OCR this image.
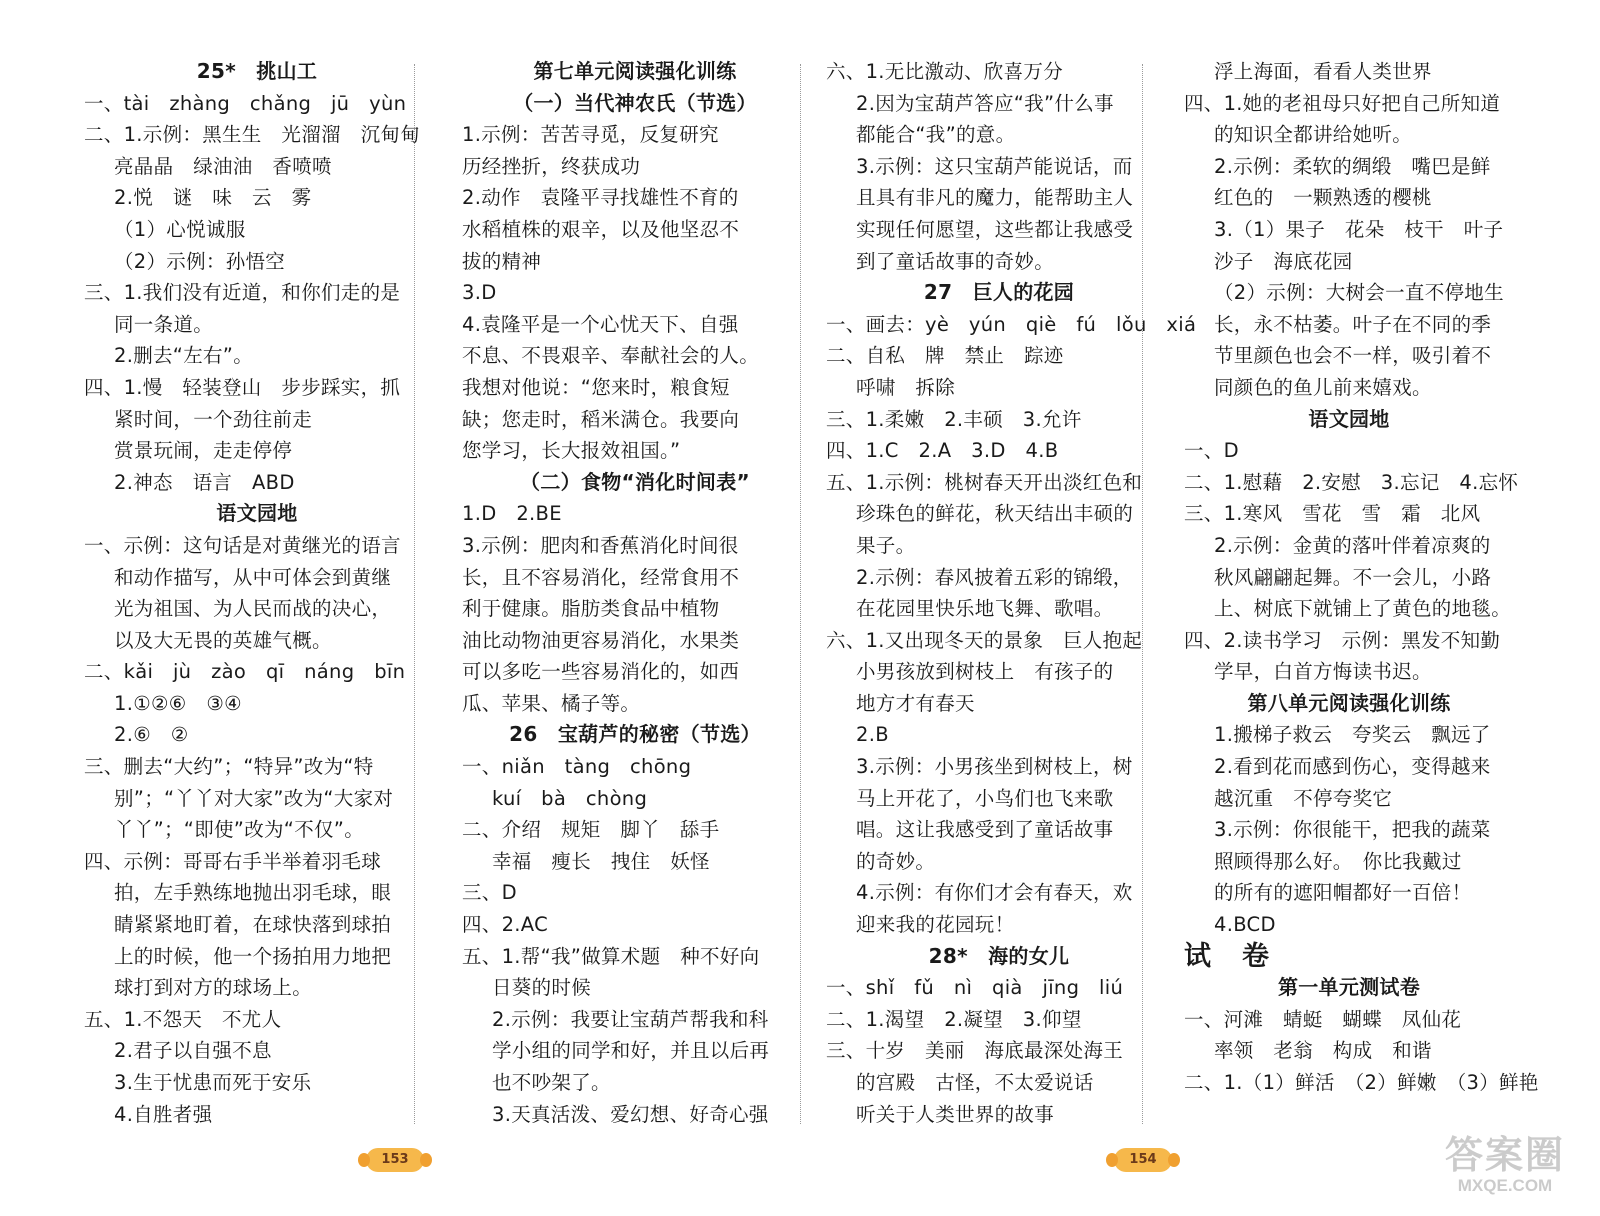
25*　挑山工
一、tài　zhàng　chǎng　jū　yùn
二、1.示例：黑生生　光溜溜　沉甸甸
亮晶晶　绿油油　香喷喷
2.悦　谜　味　云　雾
（1）心悦诚服
（2）示例：孙悟空
三、1.我们没有近道，和你们走的是
同一条道。
2.删去“左右”。
四、1.慢　轻装登山　步步踩实，抓
紧时间，一个劲往前走
赏景玩闹，走走停停
2.神态　语言　ABD
语文园地
一、示例：这句话是对黄继光的语言
和动作描写，从中可体会到黄继
光为祖国、为人民而战的决心，
以及大无畏的英雄气概。
二、kǎi　jù　zào　qī　náng　bīn
1.①②⑥　③④
2.⑥　②
三、删去“大约”；“特异”改为“特
别”；“丫丫对大家”改为“大家对
丫丫”；“即使”改为“不仅”。
四、示例：哥哥右手半举着羽毛球
拍，左手熟练地抛出羽毛球，眼
睛紧紧地盯着，在球快落到球拍
上的时候，他一个扬拍用力地把
球打到对方的球场上。
五、1.不怨天　不尤人
2.君子以自强不息
3.生于忧患而死于安乐
4.自胜者强
第七单元阅读强化训练
（一）当代神农氏（节选）
1.示例：苦苦寻觅，反复研究
历经挫折，终获成功
2.动作　袁隆平寻找雄性不育的
水稻植株的艰辛，以及他坚忍不
拔的精神
3.D
4.袁隆平是一个心忧天下、自强
不息、不畏艰辛、奉献社会的人。
我想对他说：“您来时，粮食短
缺；您走时，稻米满仓。我要向
您学习，长大报效祖国。”
（二）食物“消化时间表”
1.D　2.BE
3.示例：肥肉和香蕉消化时间很
长，且不容易消化，经常食用不
利于健康。脂肪类食品中植物
油比动物油更容易消化，水果类
可以多吃一些容易消化的，如西
瓜、苹果、橘子等。
26　宝葫芦的秘密（节选）
一、niǎn　tàng　chōng
kuí　bà　chòng
二、介绍　规矩　脚丫　舔手
幸福　瘦长　拽住　妖怪
三、D
四、2.AC
五、1.帮“我”做算术题　种不好向
日葵的时候
2.示例：我要让宝葫芦帮我和科
学小组的同学和好，并且以后再
也不吵架了。
3.天真活泼、爱幻想、好奇心强
六、1.无比激动、欣喜万分
2.因为宝葫芦答应“我”什么事
都能合“我”的意。
3.示例：这只宝葫芦能说话，而
且具有非凡的魔力，能帮助主人
实现任何愿望，这些都让我感受
到了童话故事的奇妙。
27　巨人的花园
一、画去：yè　yún　qiè　fú　lǒu　xiá
二、自私　牌　禁止　踪迹
呼啸　拆除
三、1.柔嫩　2.丰硕　3.允许
四、1.C　2.A　3.D　4.B
五、1.示例：桃树春天开出淡红色和
珍珠色的鲜花，秋天结出丰硕的
果子。
2.示例：春风披着五彩的锦缎，
在花园里快乐地飞舞、歌唱。
六、1.又出现冬天的景象　巨人抱起
小男孩放到树枝上　有孩子的
地方才有春天
2.B
3.示例：小男孩坐到树枝上，树
马上开花了，小鸟们也飞来歌
唱。这让我感受到了童话故事
的奇妙。
4.示例：有你们才会有春天，欢
迎来我的花园玩！
28*　海的女儿
一、shǐ　fǔ　nì　qià　jīng　liú
二、1.渴望　2.凝望　3.仰望
三、十岁　美丽　海底最深处海王
的宫殿　古怪，不太爱说话
听关于人类世界的故事
浮上海面，看看人类世界
四、1.她的老祖母只好把自己所知道
的知识全都讲给她听。
2.示例：柔软的绸缎　嘴巴是鲜
红色的　一颗熟透的樱桃
3.（1）果子　花朵　枝干　叶子
沙子　海底花园
（2）示例：大树会一直不停地生
长，永不枯萎。叶子在不同的季
节里颜色也会不一样，吸引着不
同颜色的鱼儿前来嬉戏。
语文园地
一、D
二、1.慰藉　2.安慰　3.忘记　4.忘怀
三、1.寒风　雪花　雪　霜　北风
2.示例：金黄的落叶伴着凉爽的
秋风翩翩起舞。不一会儿，小路
上、树底下就铺上了黄色的地毯。
四、2.读书学习　示例：黑发不知勤
学早，白首方悔读书迟。
第八单元阅读强化训练
1.搬梯子救云　夸奖云　飘远了
2.看到花而感到伤心，变得越来
越沉重　不停夸奖它
3.示例：你很能干，把我的蔬菜
照顾得那么好。　你比我戴过
的所有的遮阳帽都好一百倍！
4.BCD
试　卷
第一单元测试卷
一、河滩　蜻蜓　蝴蝶　凤仙花
率领　老翁　构成　和谐
二、1.（1）鲜活　（2）鲜嫩　（3）鲜艳
153	154	答案圈
MXQE.COM
